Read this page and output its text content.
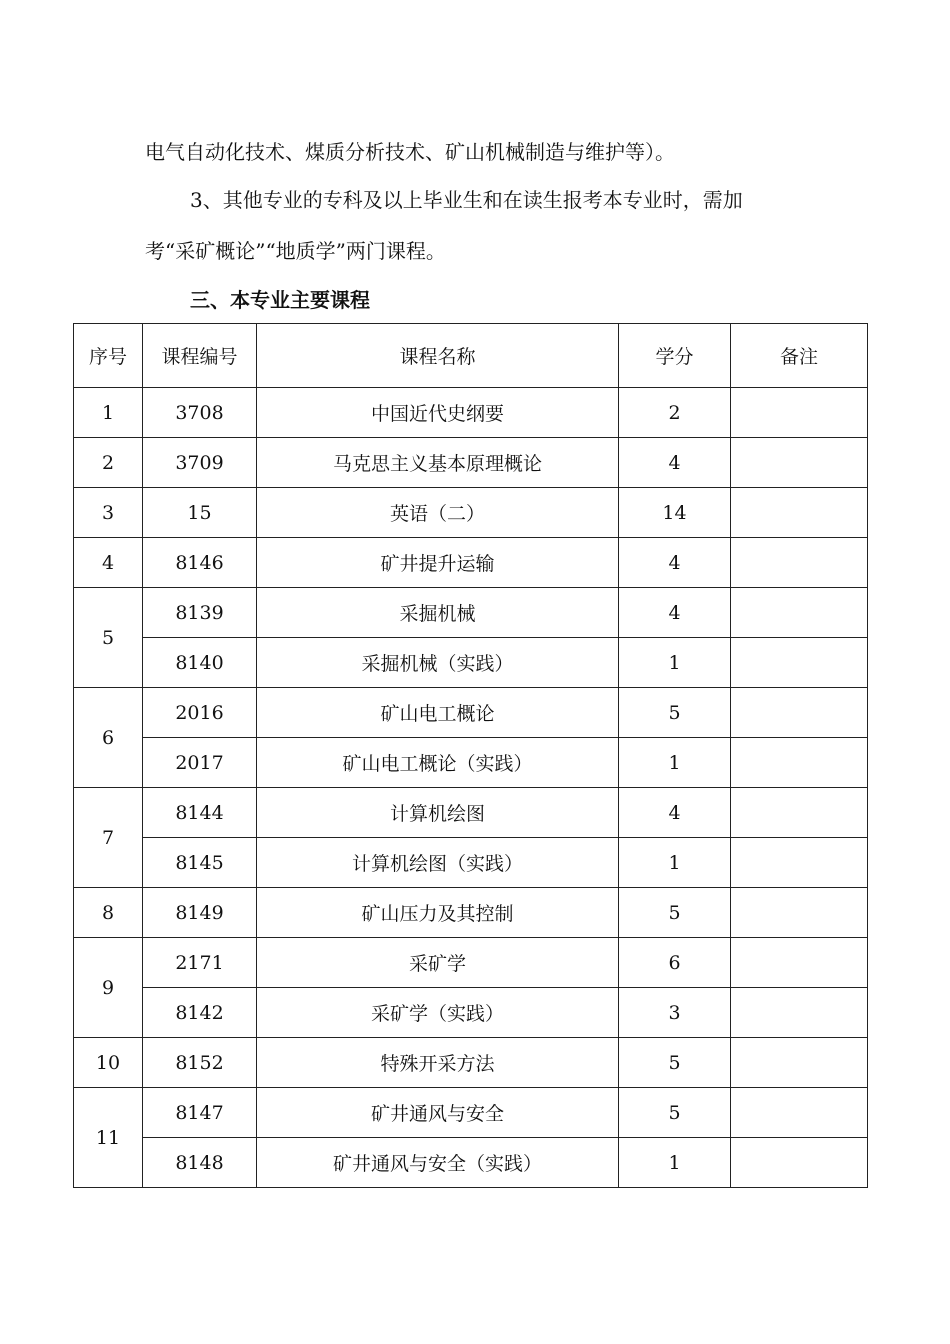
电气自动化技术、煤质分析技术、矿山机械制造与维护等）。

3、其他专业的专科及以上毕业生和在读生报考本专业时，需加

考“采矿概论”“地质学”两门课程。

三、本专业主要课程
序号	课程编号	课程名称	学分	备注
1	3708	中国近代史纲要	2	
2	3709	马克思主义基本原理概论	4	
3	15	英语（二）	14	
4	8146	矿井提升运输	4	
5	8139	采掘机械	4	
	8140	采掘机械（实践）	1	
6	2016	矿山电工概论	5	
	2017	矿山电工概论（实践）	1	
7	8144	计算机绘图	4	
	8145	计算机绘图（实践）	1	
8	8149	矿山压力及其控制	5	
9	2171	采矿学	6	
	8142	采矿学（实践）	3	
10	8152	特殊开采方法	5	
11	8147	矿井通风与安全	5	
	8148	矿井通风与安全（实践）	1	
